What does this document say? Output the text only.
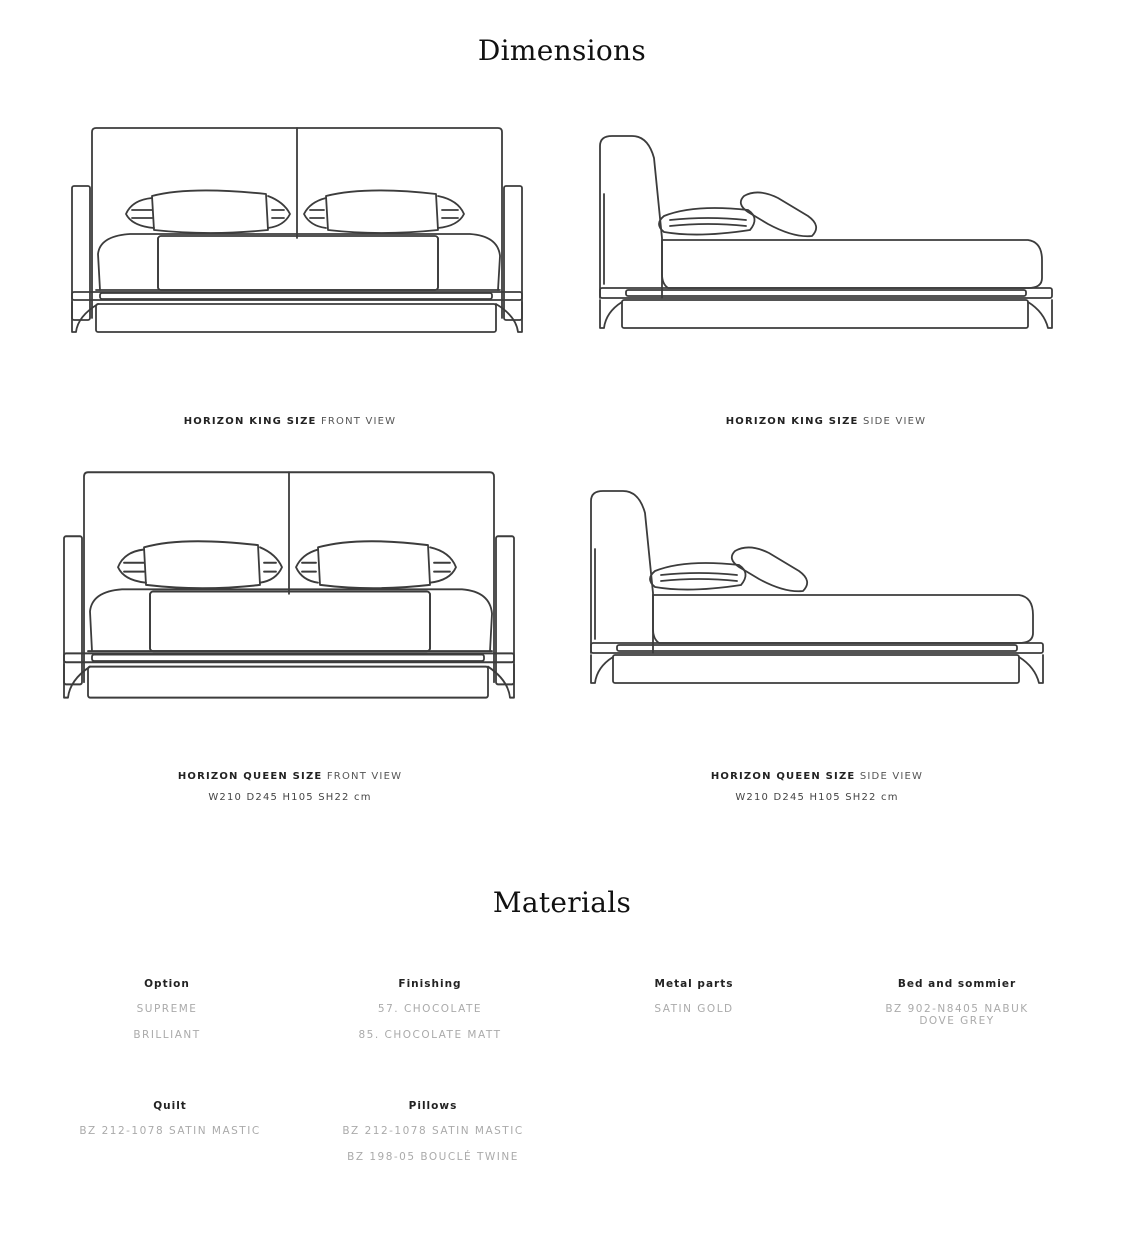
Dimensions
HORIZON KING SIZE FRONT VIEW	HORIZON KING SIZE SIDE VIEW
HORIZON QUEEN SIZE FRONT VIEW
W210 D245 H105 SH22 cm
HORIZON QUEEN SIZE SIDE VIEW
W210 D245 H105 SH22 cm
Materials
Option
SUPREME
BRILLIANT
Finishing
57. CHOCOLATE
85. CHOCOLATE MATT
Metal parts
SATIN GOLD
Bed and sommier
BZ 902-N8405 NABUK DOVE GREY
Quilt
BZ 212-1078 SATIN MASTIC
Pillows
BZ 212-1078 SATIN MASTIC
BZ 198-05 BOUCLÉ TWINE
